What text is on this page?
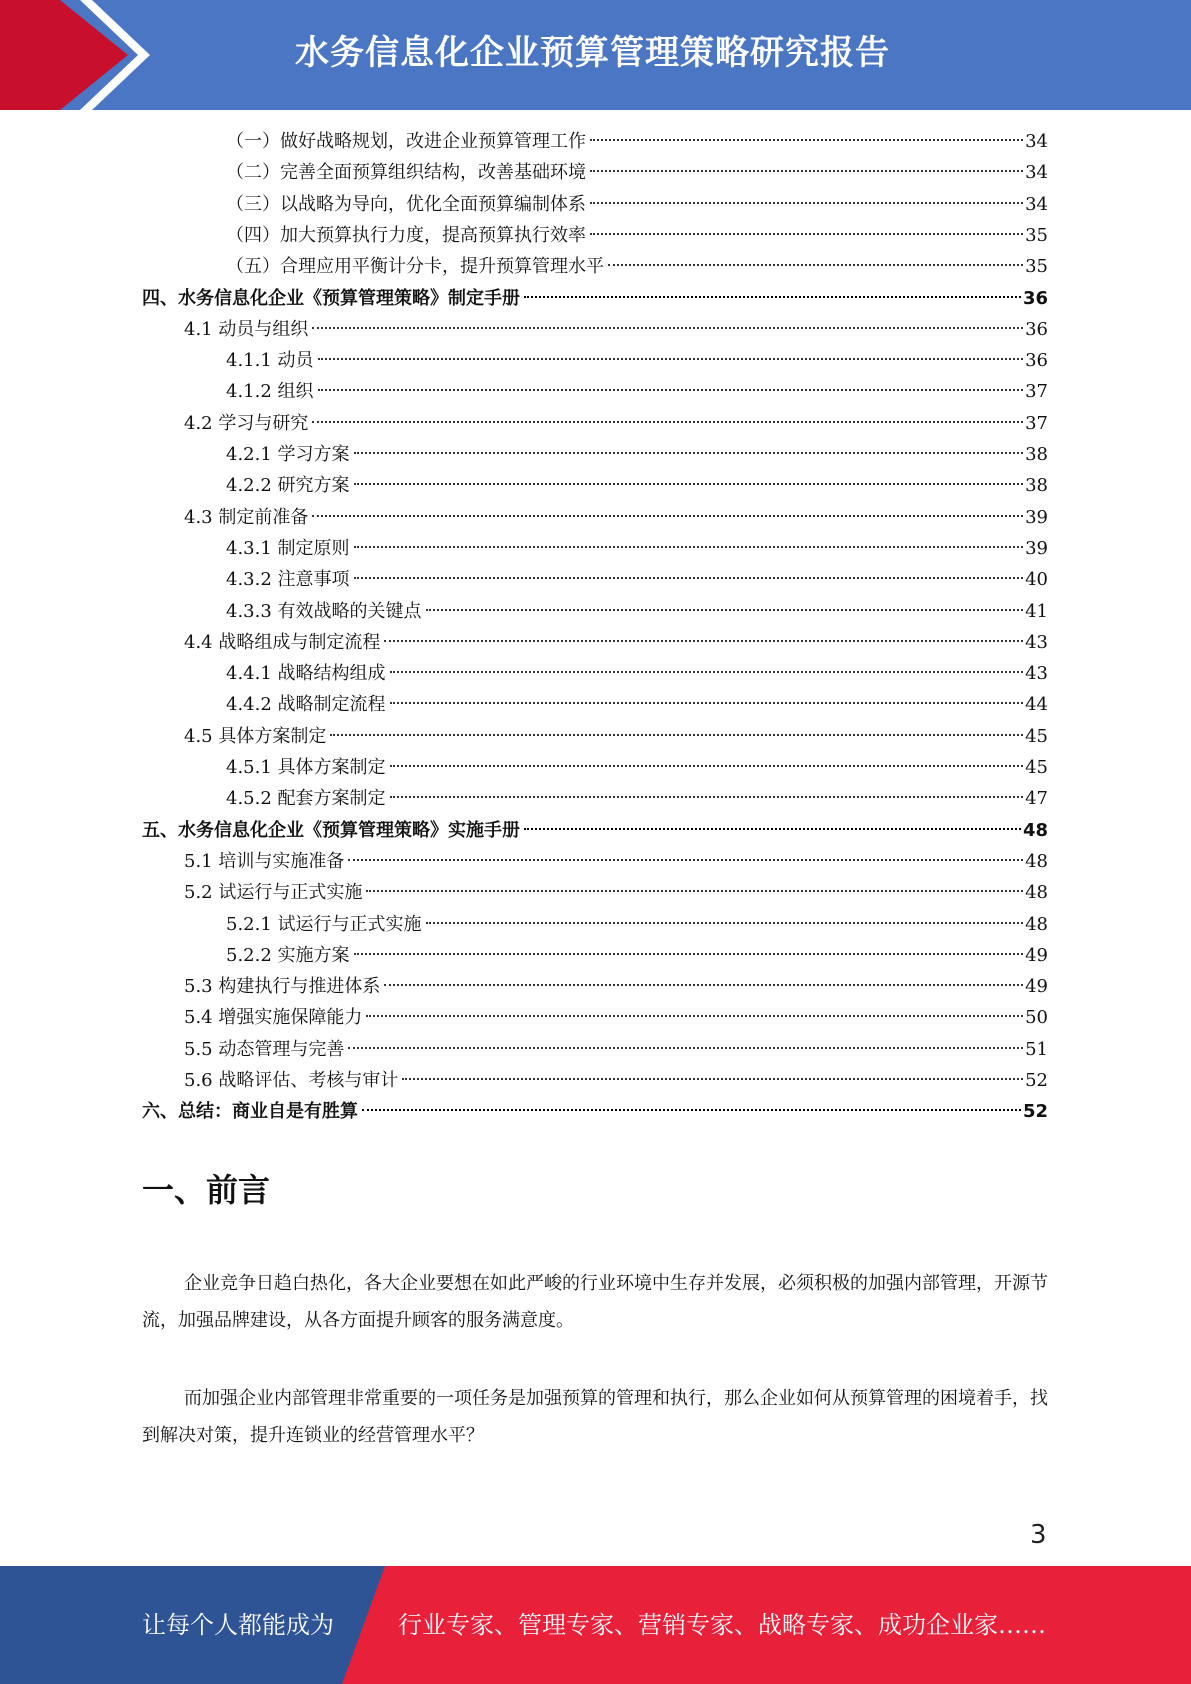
水务信息化企业预算管理策略研究报告
（一）做好战略规划，改进企业预算管理工作	34
（二）完善全面预算组织结构，改善基础环境	34
（三）以战略为导向，优化全面预算编制体系	34
（四）加大预算执行力度，提高预算执行效率	35
（五）合理应用平衡计分卡，提升预算管理水平	35
四、水务信息化企业《预算管理策略》制定手册	36
4.1 动员与组织	36
4.1.1 动员	36
4.1.2 组织	37
4.2 学习与研究	37
4.2.1 学习方案	38
4.2.2 研究方案	38
4.3 制定前准备	39
4.3.1 制定原则	39
4.3.2 注意事项	40
4.3.3 有效战略的关键点	41
4.4 战略组成与制定流程	43
4.4.1 战略结构组成	43
4.4.2 战略制定流程	44
4.5 具体方案制定	45
4.5.1 具体方案制定	45
4.5.2 配套方案制定	47
五、水务信息化企业《预算管理策略》实施手册	48
5.1 培训与实施准备	48
5.2 试运行与正式实施	48
5.2.1 试运行与正式实施	48
5.2.2 实施方案	49
5.3 构建执行与推进体系	49
5.4 增强实施保障能力	50
5.5 动态管理与完善	51
5.6 战略评估、考核与审计	52
六、总结：商业自是有胜算	52
一、前言
企业竞争日趋白热化，各大企业要想在如此严峻的行业环境中生存并发展，必须积极的加强内部管理，开源节流，加强品牌建设，从各方面提升顾客的服务满意度。
而加强企业内部管理非常重要的一项任务是加强预算的管理和执行，那么企业如何从预算管理的困境着手，找到解决对策，提升连锁业的经营管理水平？
3
让每个人都能成为	行业专家、管理专家、营销专家、战略专家、成功企业家……
